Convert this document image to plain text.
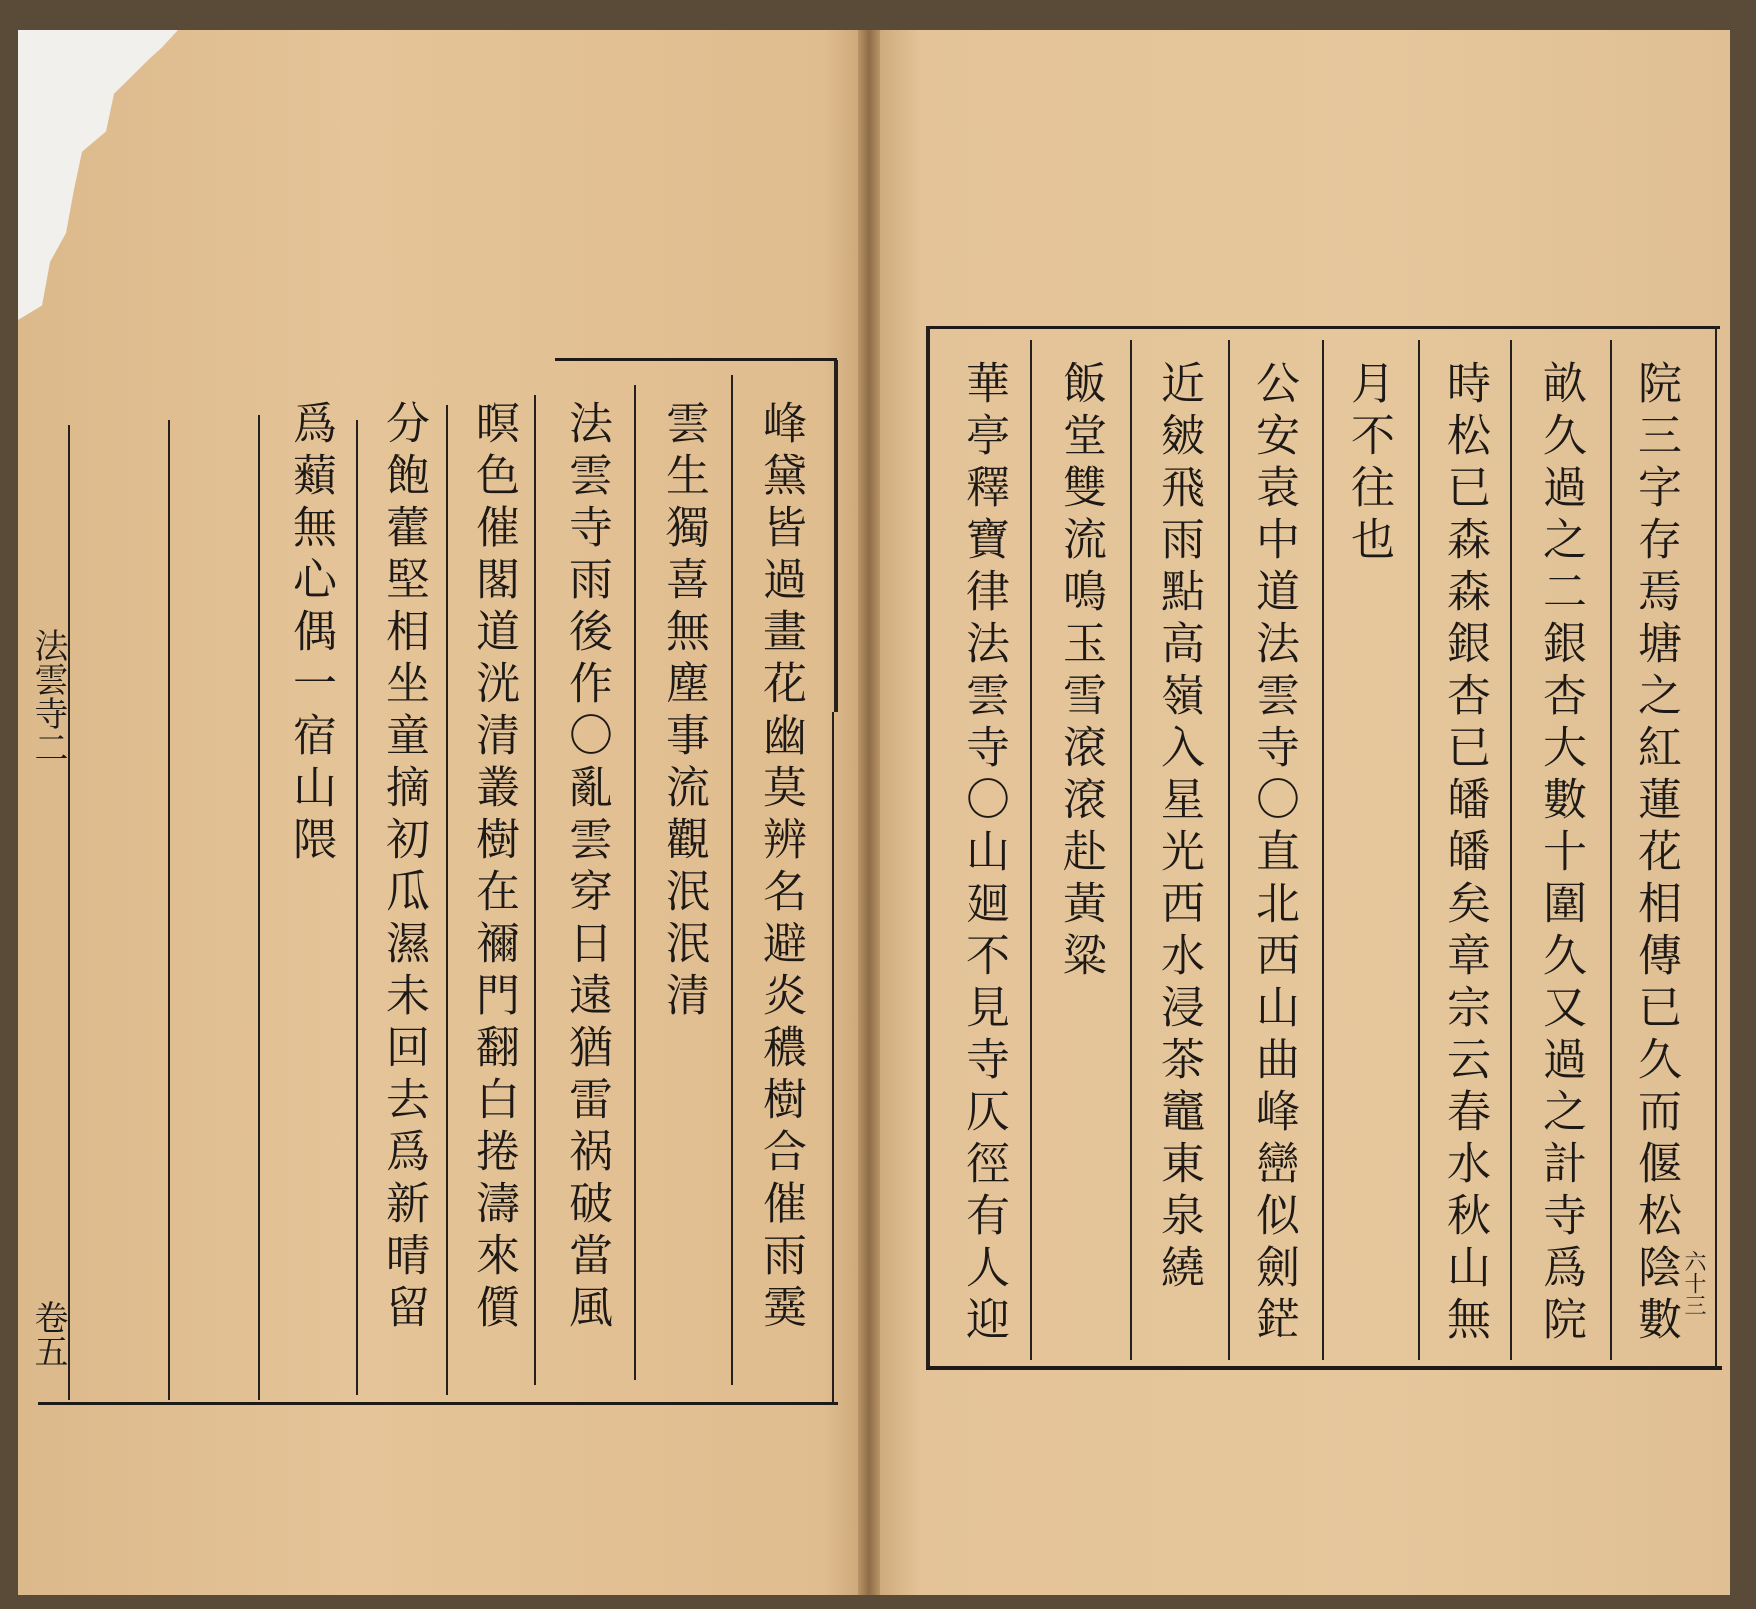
峰黛皆過畫花幽莫辨名避炎穠樹合催雨霙
雲生獨喜無塵事流觀泯泯清
法雲寺雨後作〇亂雲穿日遠猶雷祸破當風
暝色催閣道洸清叢樹在禰門翻白捲濤來儨
分飽藿堅相坐童摘初瓜濕未回去爲新晴留
爲蘱無心偶一宿山隈
法雲寺二
卷五	院三字存焉塘之紅蓮花相傳已久而偃松陰數
畝久過之二銀杏大數十圍久又過之計寺爲院
時松已森森銀杏已皤皤矣章宗云春水秋山無
月不往也
公安袁中道法雲寺〇直北西山曲峰巒似劍鋩
近皴飛雨點高嶺入星光西水浸茶竈東泉繞
飯堂雙流鳴玉雪滾滾赴黃粱
華亭釋寶律法雲寺〇山廻不見寺仄徑有人迎	六十三
